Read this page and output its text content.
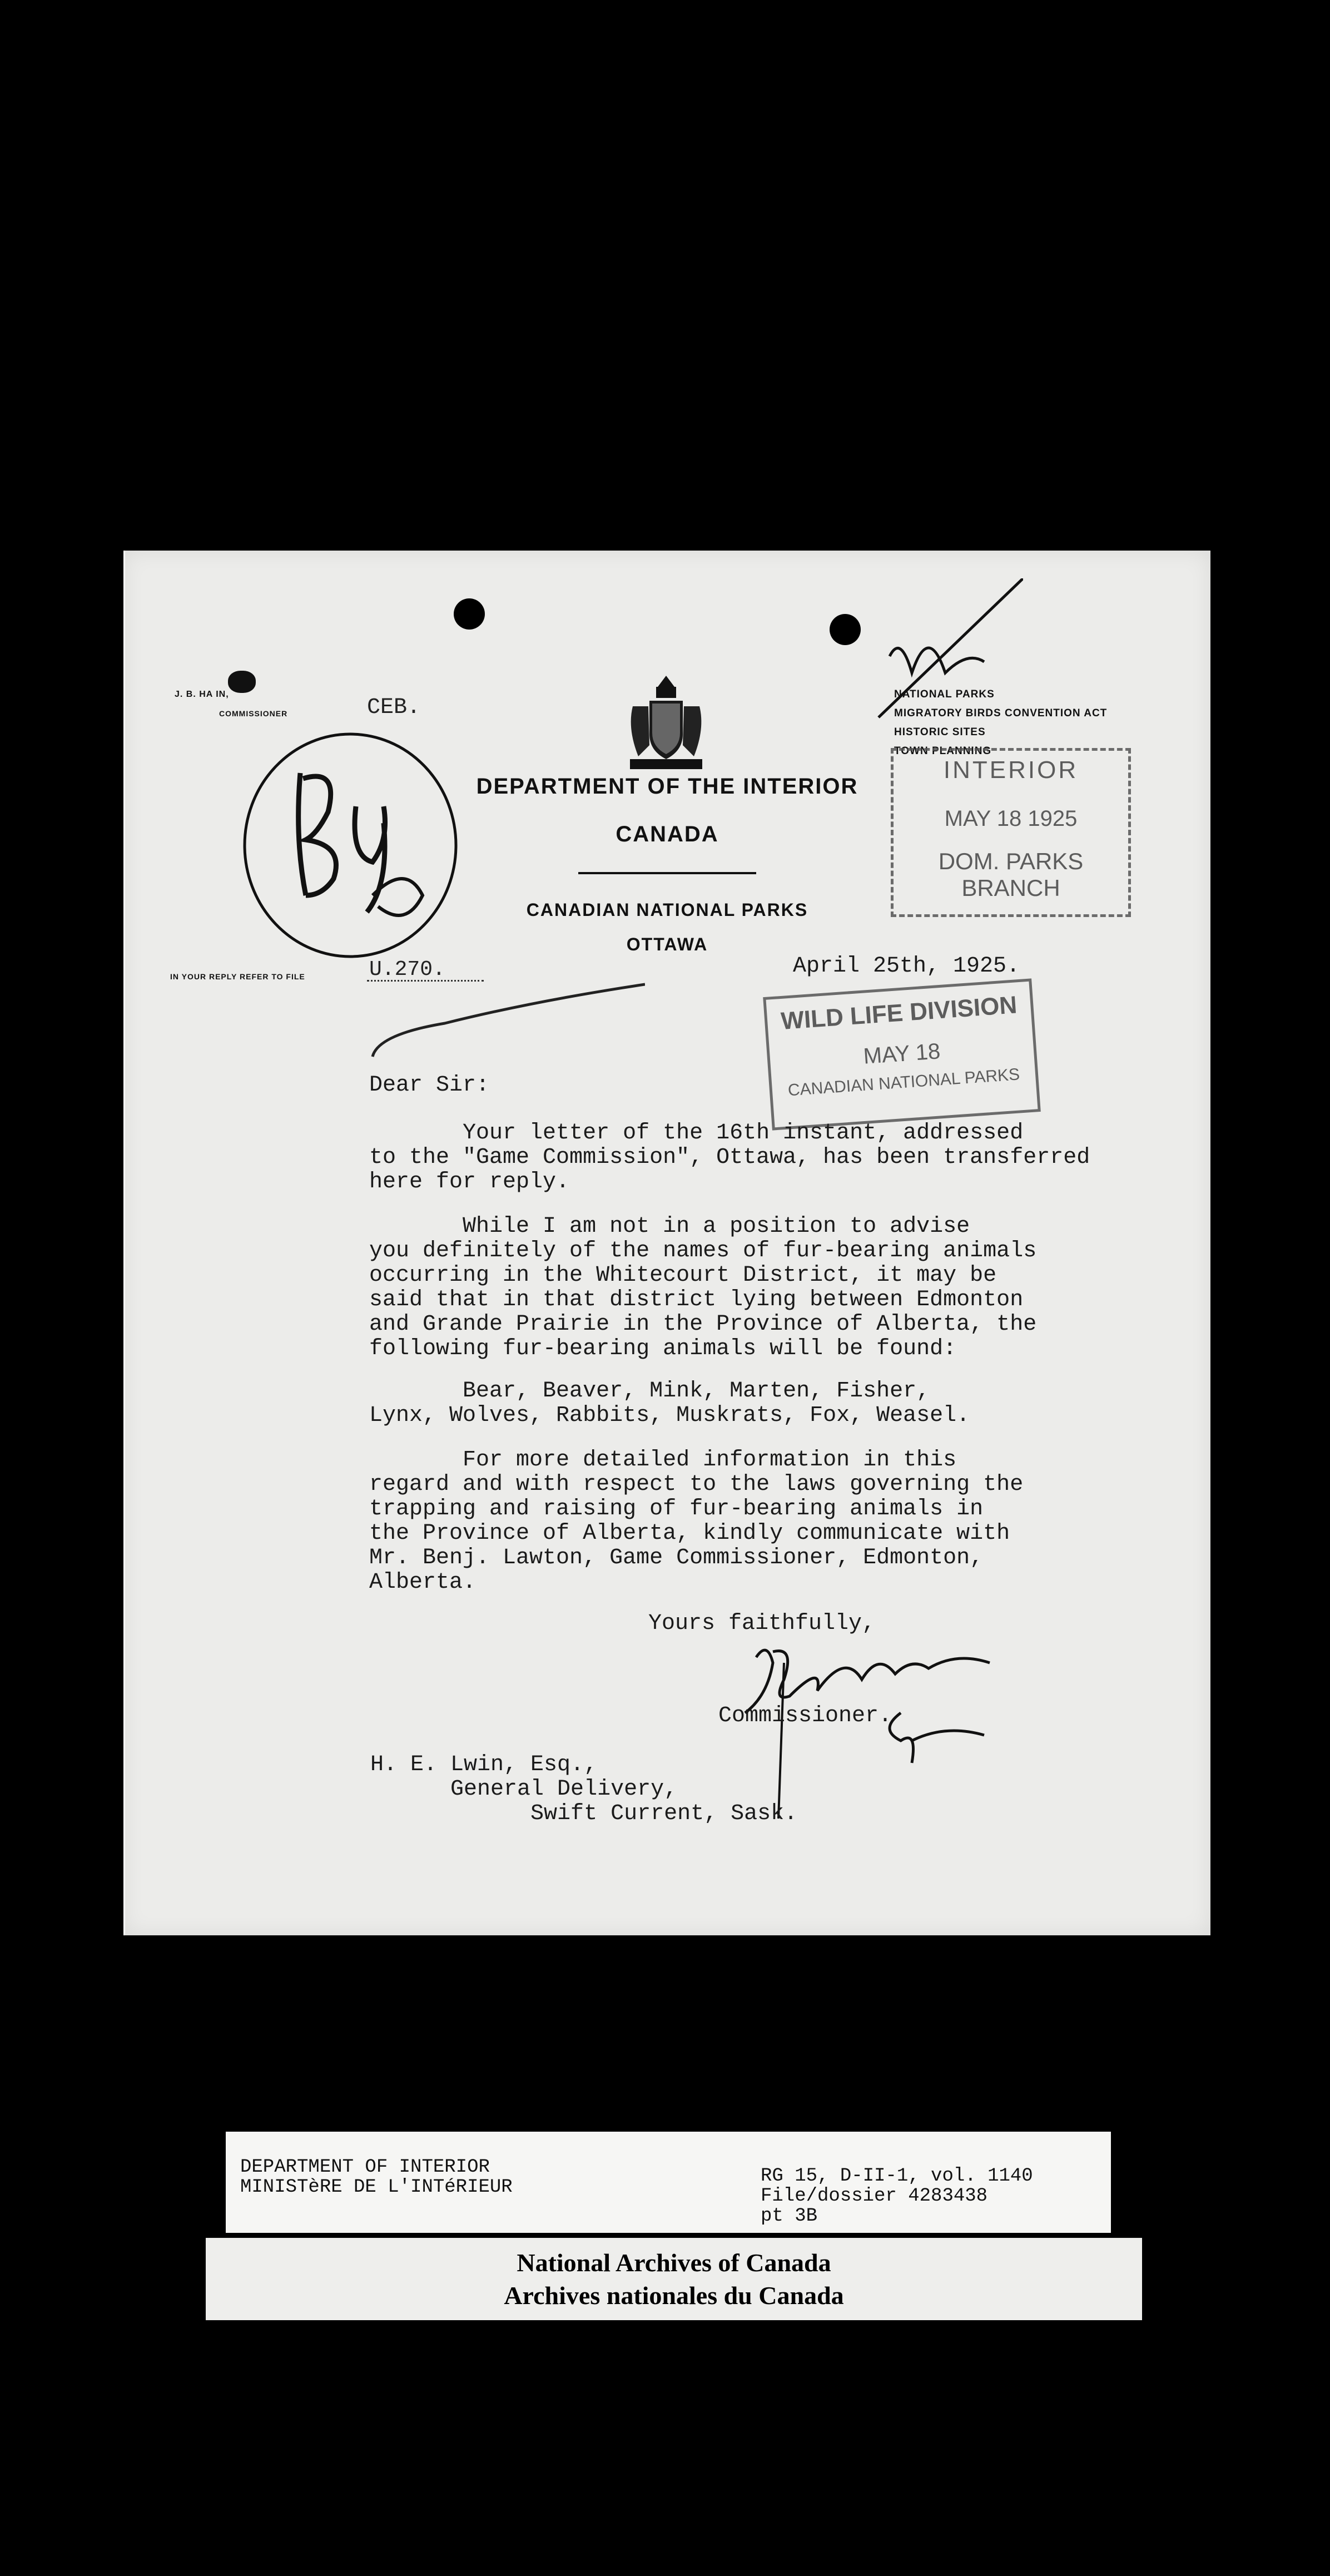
J. B. HA IN,
COMMISSIONER	CEB.
DEPARTMENT OF THE INTERIOR
CANADA
CANADIAN NATIONAL PARKS
OTTAWA
NATIONAL PARKS
MIGRATORY BIRDS CONVENTION ACT
HISTORIC SITES
TOWN PLANNING
INTERIOR
MAY 18 1925
DOM. PARKS BRANCH
IN YOUR REPLY REFER TO FILE	U.270.	April 25th, 1925.
WILD LIFE DIVISION
MAY 18
CANADIAN NATIONAL PARKS
Dear Sir:
Your letter of the 16th instant, addressed
to the "Game Commission", Ottawa, has been transferred
here for reply.
While I am not in a position to advise
you definitely of the names of fur-bearing animals
occurring in the Whitecourt District, it may be
said that in that district lying between Edmonton
and Grande Prairie in the Province of Alberta, the
following fur-bearing animals will be found:
Bear, Beaver, Mink, Marten, Fisher,
Lynx, Wolves, Rabbits, Muskrats, Fox, Weasel.
For more detailed information in this
regard and with respect to the laws governing the
trapping and raising of fur-bearing animals in
the Province of Alberta, kindly communicate with
Mr. Benj. Lawton, Game Commissioner, Edmonton,
Alberta.
Yours faithfully,
Commissioner.
H. E. Lwin, Esq.,
General Delivery,
Swift Current, Sask.
DEPARTMENT OF INTERIOR
MINISTèRE DE L'INTéRIEUR
RG 15, D-II-1, vol. 1140
File/dossier 4283438
pt 3B
National Archives of Canada
Archives nationales du Canada
